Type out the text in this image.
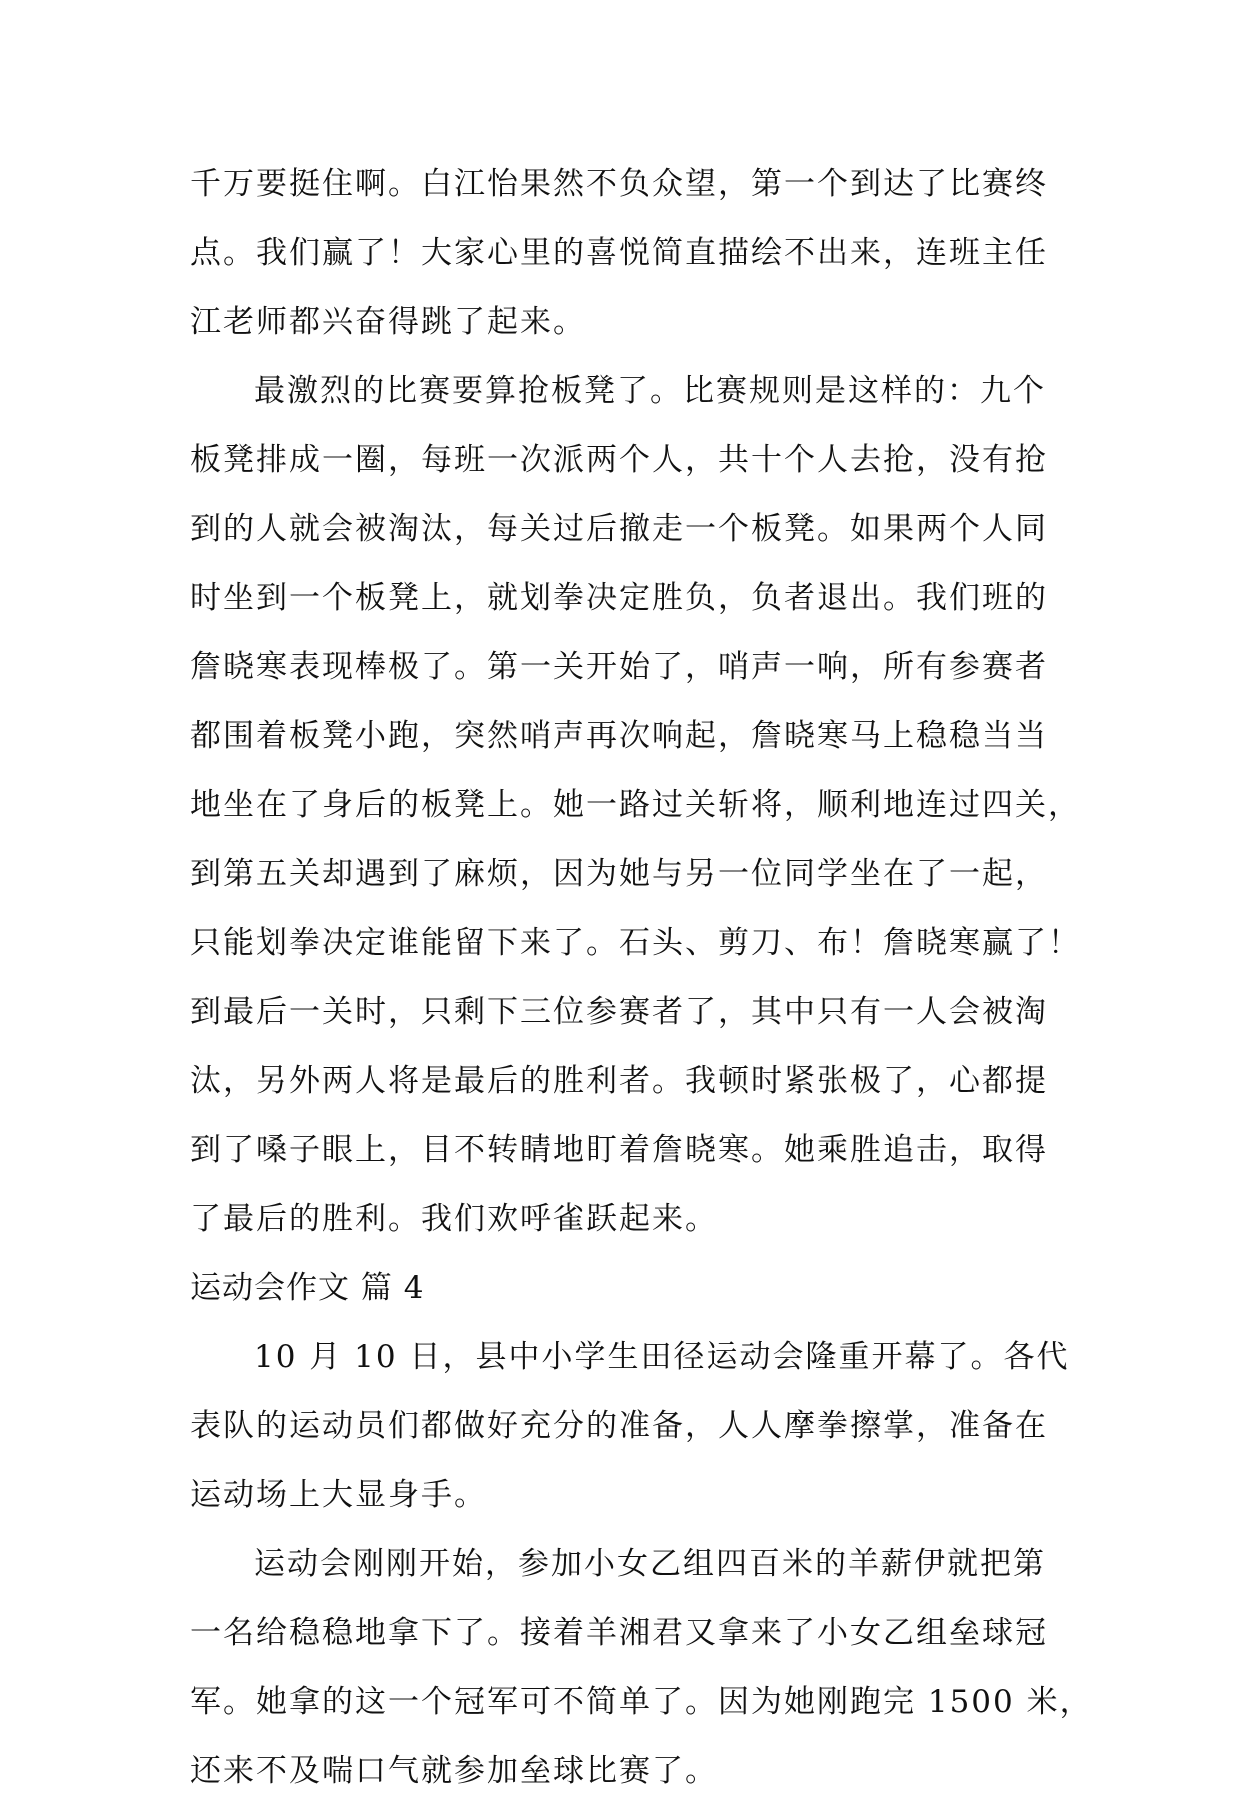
千万要挺住啊。白江怡果然不负众望，第一个到达了比赛终
点。我们赢了！大家心里的喜悦简直描绘不出来，连班主任
江老师都兴奋得跳了起来。
最激烈的比赛要算抢板凳了。比赛规则是这样的：九个
板凳排成一圈，每班一次派两个人，共十个人去抢，没有抢
到的人就会被淘汰，每关过后撤走一个板凳。如果两个人同
时坐到一个板凳上，就划拳决定胜负，负者退出。我们班的
詹晓寒表现棒极了。第一关开始了，哨声一响，所有参赛者
都围着板凳小跑，突然哨声再次响起，詹晓寒马上稳稳当当
地坐在了身后的板凳上。她一路过关斩将，顺利地连过四关，
到第五关却遇到了麻烦，因为她与另一位同学坐在了一起，
只能划拳决定谁能留下来了。石头、剪刀、布！詹晓寒赢了！
到最后一关时，只剩下三位参赛者了，其中只有一人会被淘
汰，另外两人将是最后的胜利者。我顿时紧张极了，心都提
到了嗓子眼上，目不转睛地盯着詹晓寒。她乘胜追击，取得
了最后的胜利。我们欢呼雀跃起来。
运动会作文 篇 4
10 月 10 日，县中小学生田径运动会隆重开幕了。各代
表队的运动员们都做好充分的准备，人人摩拳擦掌，准备在
运动场上大显身手。
运动会刚刚开始，参加小女乙组四百米的羊薪伊就把第
一名给稳稳地拿下了。接着羊湘君又拿来了小女乙组垒球冠
军。她拿的这一个冠军可不简单了。因为她刚跑完 1500 米，
还来不及喘口气就参加垒球比赛了。
